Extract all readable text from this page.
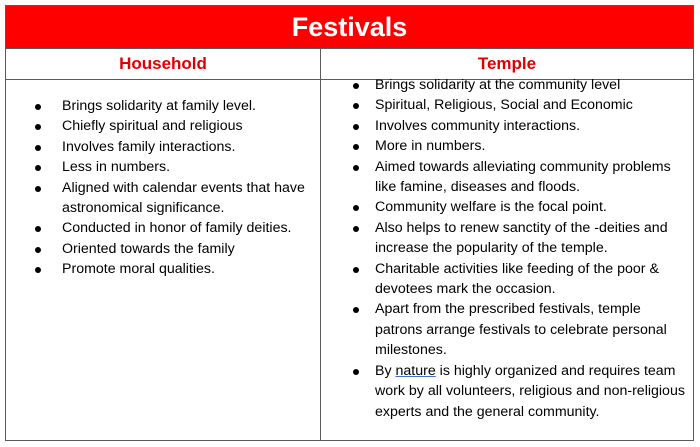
Festivals
Household	Temple
Brings solidarity at family level.
Chiefly spiritual and religious
Involves family interactions.
Less in numbers.
Aligned with calendar events that have astronomical significance.
Conducted in honor of family deities.
Oriented towards the family
Promote moral qualities.
Brings solidarity at the community level
Spiritual, Religious, Social and Economic
Involves community interactions.
More in numbers.
Aimed towards alleviating community problems like famine, diseases and floods.
Community welfare is the focal point.
Also helps to renew sanctity of the -deities and increase the popularity of the temple.
Charitable activities like feeding of the poor & devotees mark the occasion.
Apart from the prescribed festivals, temple patrons arrange festivals to celebrate personal milestones.
By nature is highly organized and requires team work by all volunteers, religious and non-religious experts and the general community.
